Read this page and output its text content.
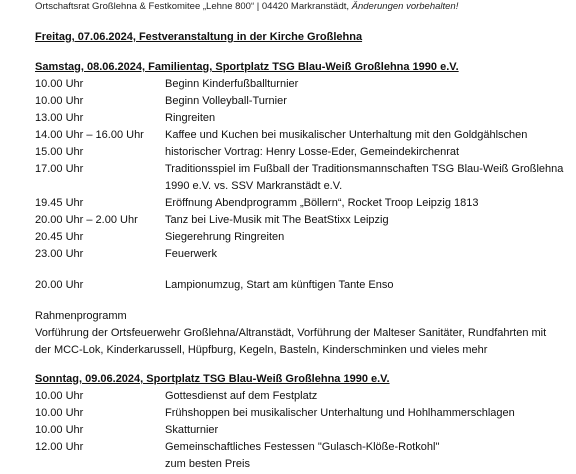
Ortschaftsrat Großlehna & Festkomitee „Lehne 800“ | 04420 Markranstädt, Änderungen vorbehalten!
Freitag, 07.06.2024, Festveranstaltung in der Kirche Großlehna
Samstag, 08.06.2024, Familientag, Sportplatz TSG Blau-Weiß Großlehna 1990 e.V.
10.00 Uhr	Beginn Kinderfußballturnier
10.00 Uhr	Beginn Volleyball-Turnier
13.00 Uhr	Ringreiten
14.00 Uhr – 16.00 Uhr Kaffee und Kuchen bei musikalischer Unterhaltung mit den Goldgählschen
15.00 Uhr	historischer Vortrag: Henry Losse-Eder, Gemeindekirchenrat
17.00 Uhr	Traditionsspiel im Fußball der Traditionsmannschaften TSG Blau-Weiß Großlehna
1990 e.V. vs. SSV Markranstädt e.V.
19.45 Uhr	Eröffnung Abendprogramm „Böllern“, Rocket Troop Leipzig 1813
20.00 Uhr – 2.00 Uhr Tanz bei Live-Musik mit The BeatStixx Leipzig
20.45 Uhr	Siegerehrung Ringreiten
23.00 Uhr	Feuerwerk
20.00 Uhr	Lampionumzug, Start am künftigen Tante Enso
Rahmenprogramm
Vorführung der Ortsfeuerwehr Großlehna/Altranstädt, Vorführung der Malteser Sanitäter, Rundfahrten mit
der MCC-Lok, Kinderkarussell, Hüpfburg, Kegeln, Basteln, Kinderschminken und vieles mehr
Sonntag, 09.06.2024, Sportplatz TSG Blau-Weiß Großlehna 1990 e.V.
10.00 Uhr	Gottesdienst auf dem Festplatz
10.00 Uhr	Frühshoppen bei musikalischer Unterhaltung und Hohlhammerschlagen
10.00 Uhr	Skatturnier
12.00 Uhr	Gemeinschaftliches Festessen "Gulasch-Klöße-Rotkohl"
zum besten Preis
